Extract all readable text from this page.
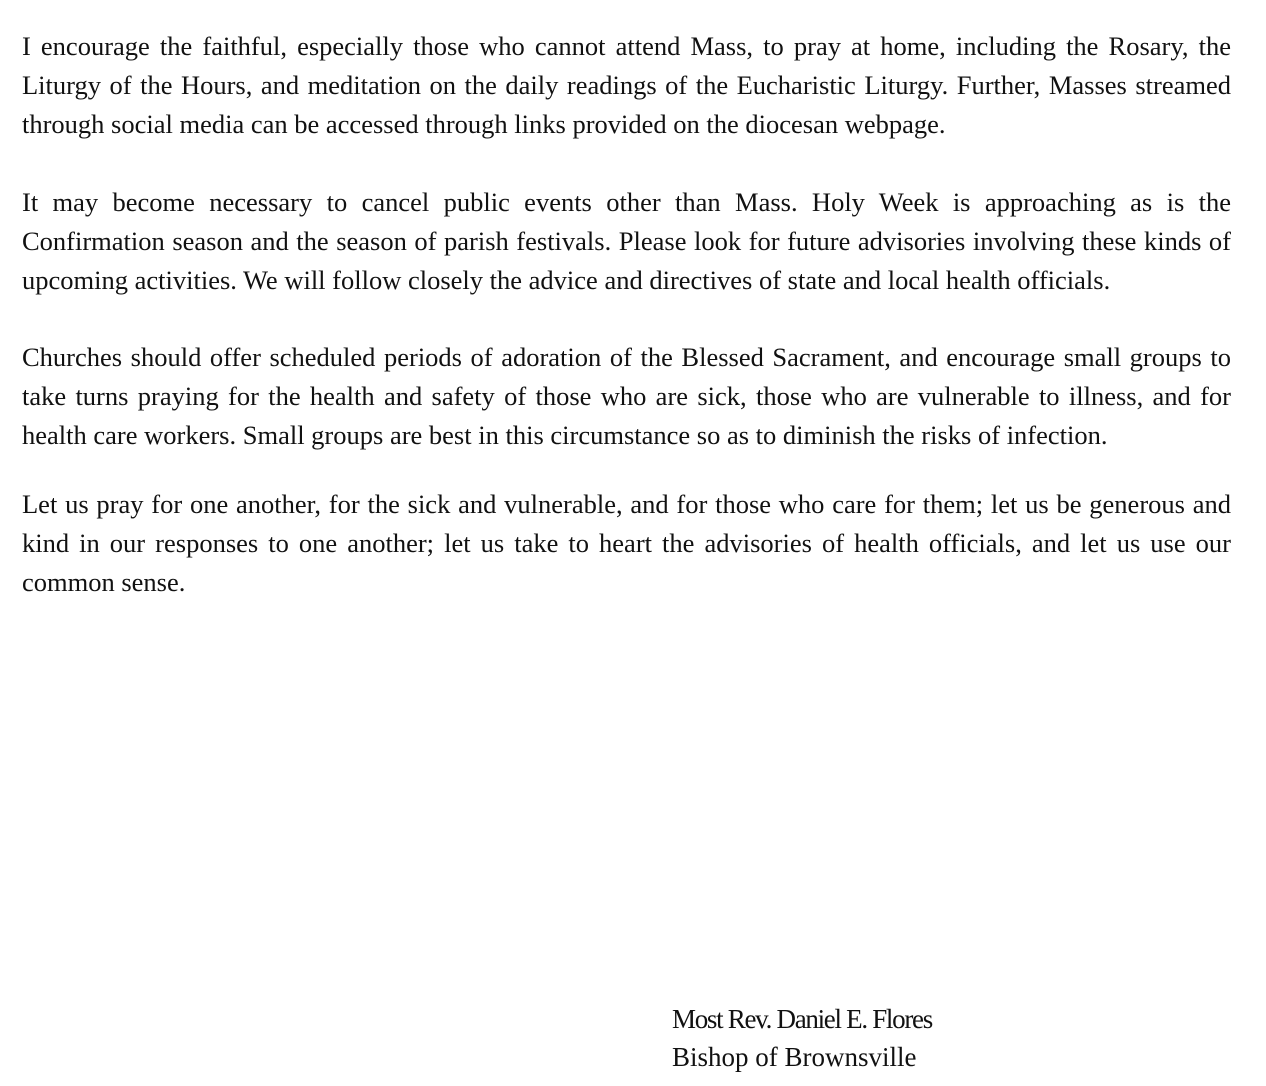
I encourage the faithful, especially those who cannot attend Mass, to pray at home, including the Rosary, the Liturgy of the Hours, and meditation on the daily readings of the Eucharistic Liturgy. Further, Masses streamed through social media can be accessed through links provided on the diocesan webpage.

It may become necessary to cancel public events other than Mass. Holy Week is approaching as is the Confirmation season and the season of parish festivals. Please look for future advisories involving these kinds of upcoming activities. We will follow closely the advice and directives of state and local health officials.

Churches should offer scheduled periods of adoration of the Blessed Sacrament, and encourage small groups to take turns praying for the health and safety of those who are sick, those who are vulnerable to illness, and for health care workers. Small groups are best in this circumstance so as to diminish the risks of infection.

Let us pray for one another, for the sick and vulnerable, and for those who care for them; let us be generous and kind in our responses to one another; let us take to heart the advisories of health officials, and let us use our common sense.

Most Rev. Daniel E. Flores
Bishop of Brownsville
